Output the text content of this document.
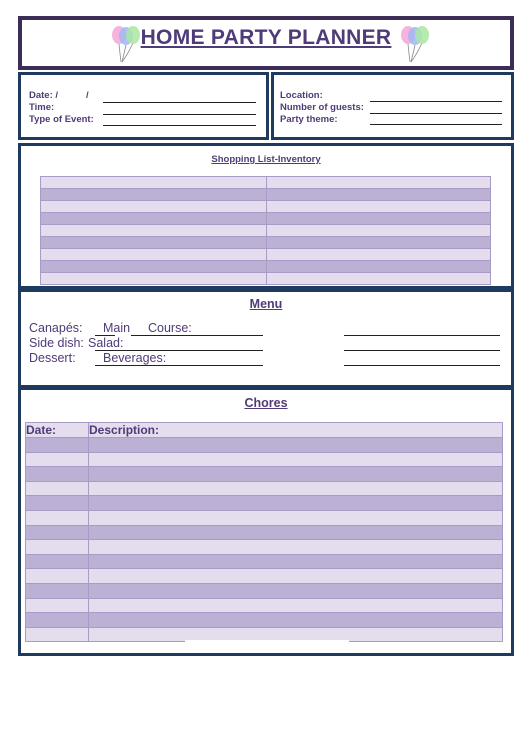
HOME PARTY PLANNER
Date: /	/
Time:
Type of Event:
Location:
Number of guests:
Party theme:
Shopping List-Inventory

Menu
Canapés: Main Course:
Side dish: Salad:
Dessert: Beverages:
Chores
Date:	Description:
